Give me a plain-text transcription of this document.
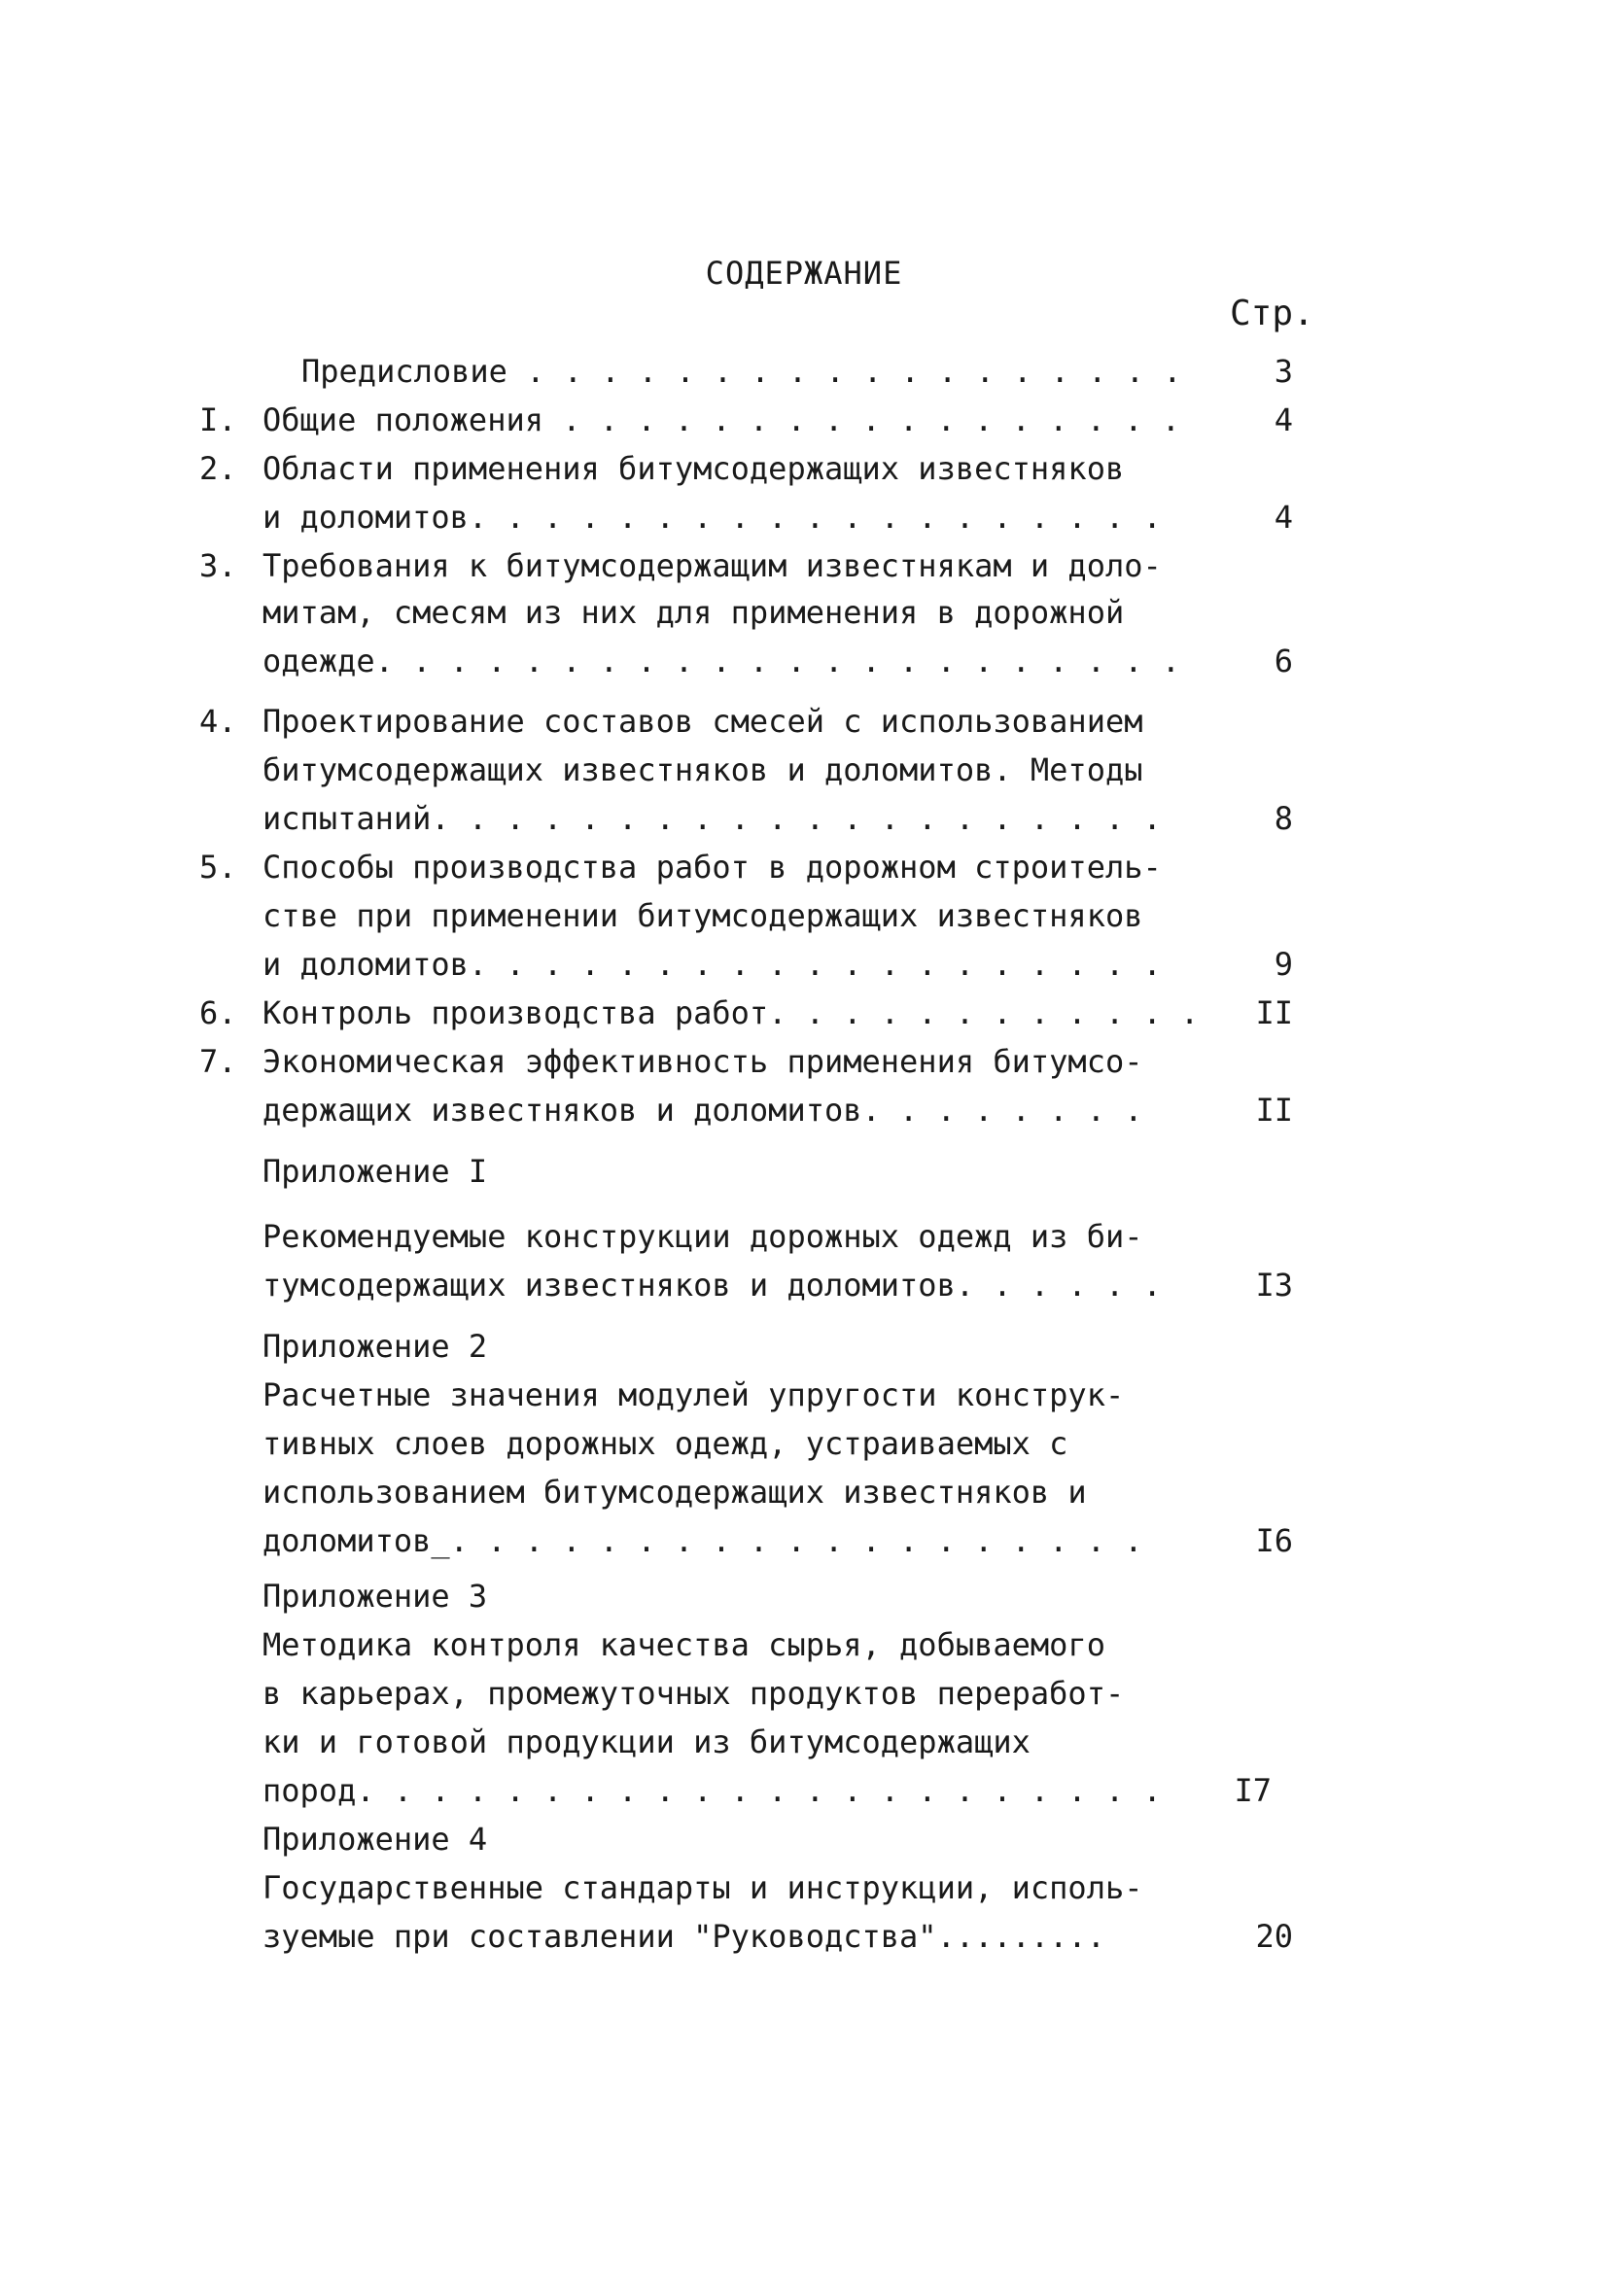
СОДЕРЖАНИЕ
Стр.
Предисловие . . . . . . . . . . . . . . . . . .	3
I. Общие положения . . . . . . . . . . . . . . . . .	4
2. Области применения битумсодержащих известняков
и доломитов. . . . . . . . . . . . . . . . . . .	4
3. Требования к битумсодержащим известнякам и доло-
митам, смесям из них для применения в дорожной
одежде. . . . . . . . . . . . . . . . . . . . . .	6
4. Проектирование составов смесей с использованием
битумсодержащих известняков и доломитов. Методы
испытаний. . . . . . . . . . . . . . . . . . . .	8
5. Способы производства работ в дорожном строитель-
стве при применении битумсодержащих известняков
и доломитов. . . . . . . . . . . . . . . . . . .	9
6. Контроль производства работ. . . . . . . . . . . .	II
7. Экономическая эффективность применения битумсо-
держащих известняков и доломитов. . . . . . . .	II
Приложение I
Рекомендуемые конструкции дорожных одежд из би-
тумсодержащих известняков и доломитов. . . . . .	I3
Приложение 2
Расчетные значения модулей упругости конструк-
тивных слоев дорожных одежд, устраиваемых с
использованием битумсодержащих известняков и
доломитов_. . . . . . . . . . . . . . . . . . .	I6
Приложение 3
Методика контроля качества сырья, добываемого
в карьерах, промежуточных продуктов переработ-
ки и готовой продукции из битумсодержащих
пород. . . . . . . . . . . . . . . . . . . . . .	I7
Приложение 4
Государственные стандарты и инструкции, исполь-
зуемые при составлении "Руководства".........	20
